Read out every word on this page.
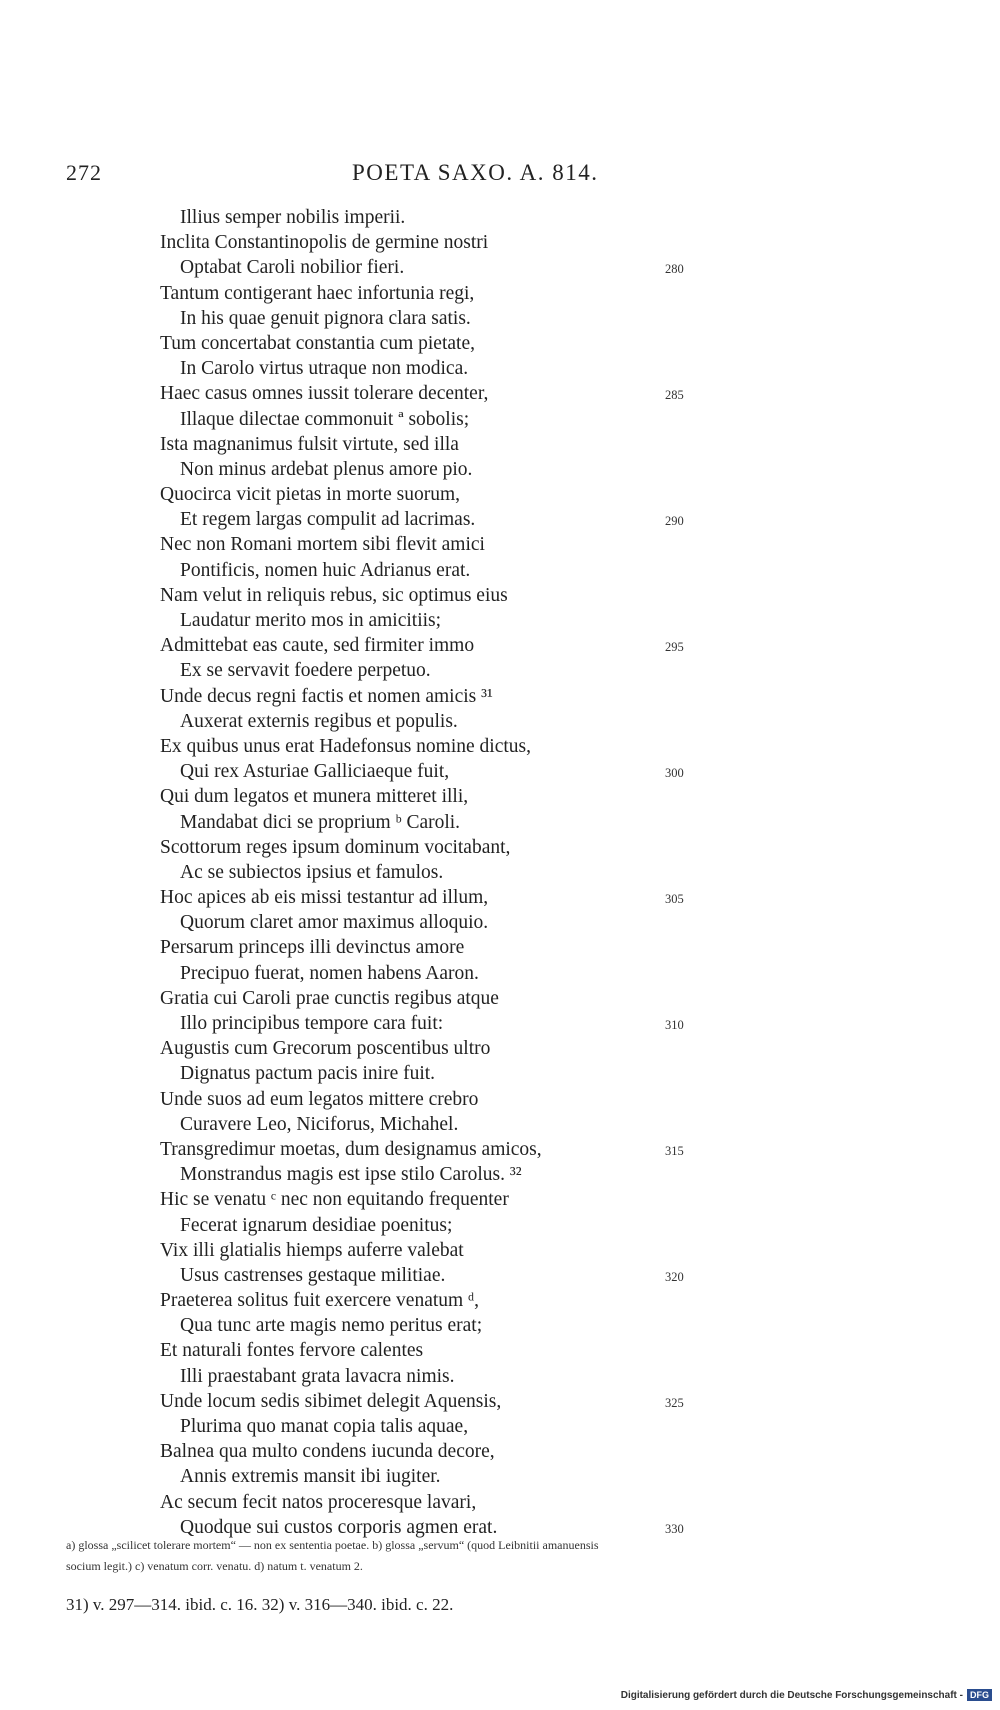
272	POETA SAXO. A. 814.
Illius semper nobilis imperii.
Inclita Constantinopolis de germine nostri
Optabat Caroli nobilior fieri.	280
Tantum contigerant haec infortunia regi,
In his quae genuit pignora clara satis.
Tum concertabat constantia cum pietate,
In Carolo virtus utraque non modica.
Haec casus omnes iussit tolerare decenter,	285
Illaque dilectae commonuit ª sobolis;
Ista magnanimus fulsit virtute, sed illa
Non minus ardebat plenus amore pio.
Quocirca vicit pietas in morte suorum,
Et regem largas compulit ad lacrimas.	290
Nec non Romani mortem sibi flevit amici
Pontificis, nomen huic Adrianus erat.
Nam velut in reliquis rebus, sic optimus eius
Laudatur merito mos in amicitiis;
Admittebat eas caute, sed firmiter immo	295
Ex se servavit foedere perpetuo.
Unde decus regni factis et nomen amicis ³¹
Auxerat externis regibus et populis.
Ex quibus unus erat Hadefonsus nomine dictus,
Qui rex Asturiae Galliciaeque fuit,	300
Qui dum legatos et munera mitteret illi,
Mandabat dici se proprium ᵇ Caroli.
Scottorum reges ipsum dominum vocitabant,
Ac se subiectos ipsius et famulos.
Hoc apices ab eis missi testantur ad illum,	305
Quorum claret amor maximus alloquio.
Persarum princeps illi devinctus amore
Precipuo fuerat, nomen habens Aaron.
Gratia cui Caroli prae cunctis regibus atque
Illo principibus tempore cara fuit:	310
Augustis cum Grecorum poscentibus ultro
Dignatus pactum pacis inire fuit.
Unde suos ad eum legatos mittere crebro
Curavere Leo, Niciforus, Michahel.
Transgredimur moetas, dum designamus amicos,	315
Monstrandus magis est ipse stilo Carolus. ³²
Hic se venatu ᶜ nec non equitando frequenter
Fecerat ignarum desidiae poenitus;
Vix illi glatialis hiemps auferre valebat
Usus castrenses gestaque militiae.	320
Praeterea solitus fuit exercere venatum ᵈ,
Qua tunc arte magis nemo peritus erat;
Et naturali fontes fervore calentes
Illi praestabant grata lavacra nimis.
Unde locum sedis sibimet delegit Aquensis,	325
Plurima quo manat copia talis aquae,
Balnea qua multo condens iucunda decore,
Annis extremis mansit ibi iugiter.
Ac secum fecit natos proceresque lavari,
Quodque sui custos corporis agmen erat.	330

a) glossa „scilicet tolerare mortem“ — non ex sententia poetae. b) glossa „servum“ (quod Leibnitii amanuensis

socium legit.) c) venatum corr. venatu. d) natum t. venatum 2.

31) v. 297—314. ibid. c. 16. 32) v. 316—340. ibid. c. 22.
Digitalisierung gefördert durch die Deutsche Forschungsgemeinschaft - DFG
